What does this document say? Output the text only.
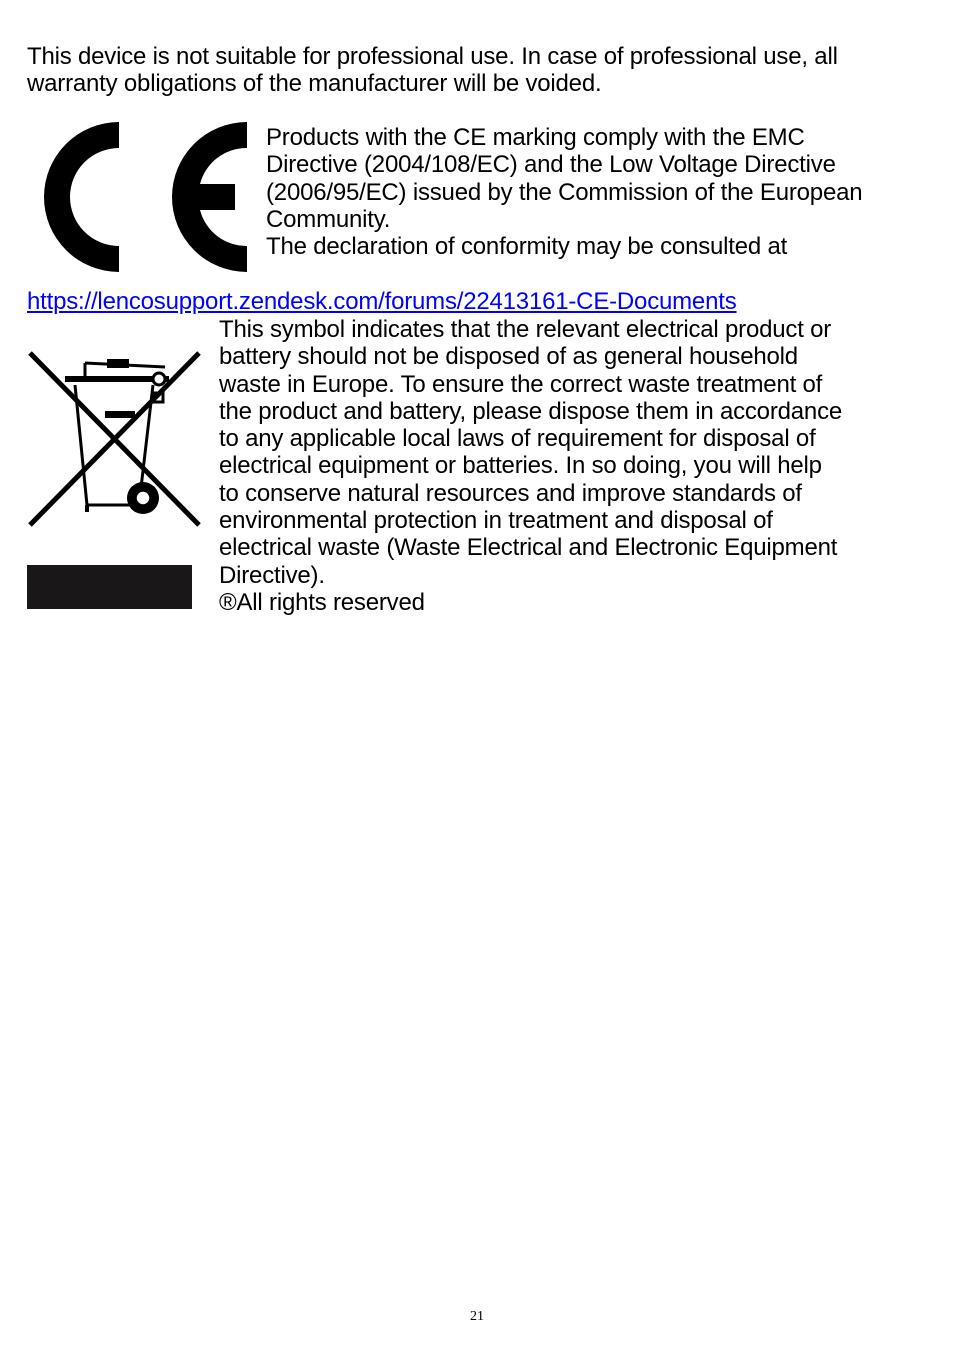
This device is not suitable for professional use. In case of professional use, all warranty obligations of the manufacturer will be voided.

Products with the CE marking comply with the EMC
Directive (2004/108/EC) and the Low Voltage Directive
(2006/95/EC) issued by the Commission of the European
Community.
The declaration of conformity may be consulted at

https://lencosupport.zendesk.com/forums/22413161-CE-Documents

This symbol indicates that the relevant electrical product or
battery should not be disposed of as general household
waste in Europe. To ensure the correct waste treatment of
the product and battery, please dispose them in accordance
to any applicable local laws of requirement for disposal of
electrical equipment or batteries. In so doing, you will help
to conserve natural resources and improve standards of
environmental protection in treatment and disposal of
electrical waste (Waste Electrical and Electronic Equipment
Directive).
®All rights reserved

21
